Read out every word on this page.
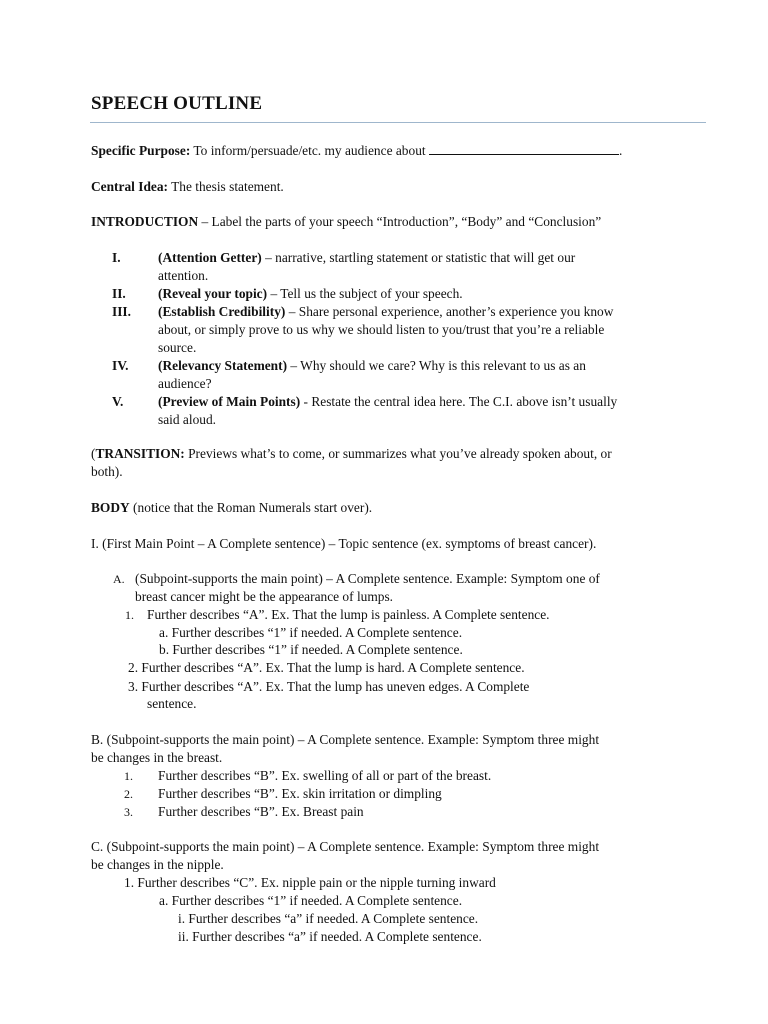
SPEECH OUTLINE
Specific Purpose: To inform/persuade/etc. my audience about	.
Central Idea: The thesis statement.
INTRODUCTION – Label the parts of your speech “Introduction”, “Body” and “Conclusion”
I.	(Attention Getter) – narrative, startling statement or statistic that will get our
attention.
II. (Reveal your topic) – Tell us the subject of your speech.
III. (Establish Credibility) – Share personal experience, another’s experience you know
about, or simply prove to us why we should listen to you/trust that you’re a reliable
source.
IV. (Relevancy Statement) – Why should we care? Why is this relevant to us as an
audience?
V.	(Preview of Main Points) - Restate the central idea here. The C.I. above isn’t usually
said aloud.
(TRANSITION: Previews what’s to come, or summarizes what you’ve already spoken about, or
both).
BODY (notice that the Roman Numerals start over).
I. (First Main Point – A Complete sentence) – Topic sentence (ex. symptoms of breast cancer).
A. (Subpoint-supports the main point) – A Complete sentence. Example: Symptom one of
breast cancer might be the appearance of lumps.
1. Further describes “A”. Ex. That the lump is painless. A Complete sentence.
a. Further describes “1” if needed. A Complete sentence.
b. Further describes “1” if needed. A Complete sentence.
2. Further describes “A”. Ex. That the lump is hard. A Complete sentence.
3. Further describes “A”. Ex. That the lump has uneven edges. A Complete
sentence.
B. (Subpoint-supports the main point) – A Complete sentence. Example: Symptom three might
be changes in the breast.
1. Further describes “B”. Ex. swelling of all or part of the breast.
2. Further describes “B”. Ex. skin irritation or dimpling
3. Further describes “B”. Ex. Breast pain
C. (Subpoint-supports the main point) – A Complete sentence. Example: Symptom three might
be changes in the nipple.
1. Further describes “C”. Ex. nipple pain or the nipple turning inward
a. Further describes “1” if needed. A Complete sentence.
i. Further describes “a” if needed. A Complete sentence.
ii. Further describes “a” if needed. A Complete sentence.
